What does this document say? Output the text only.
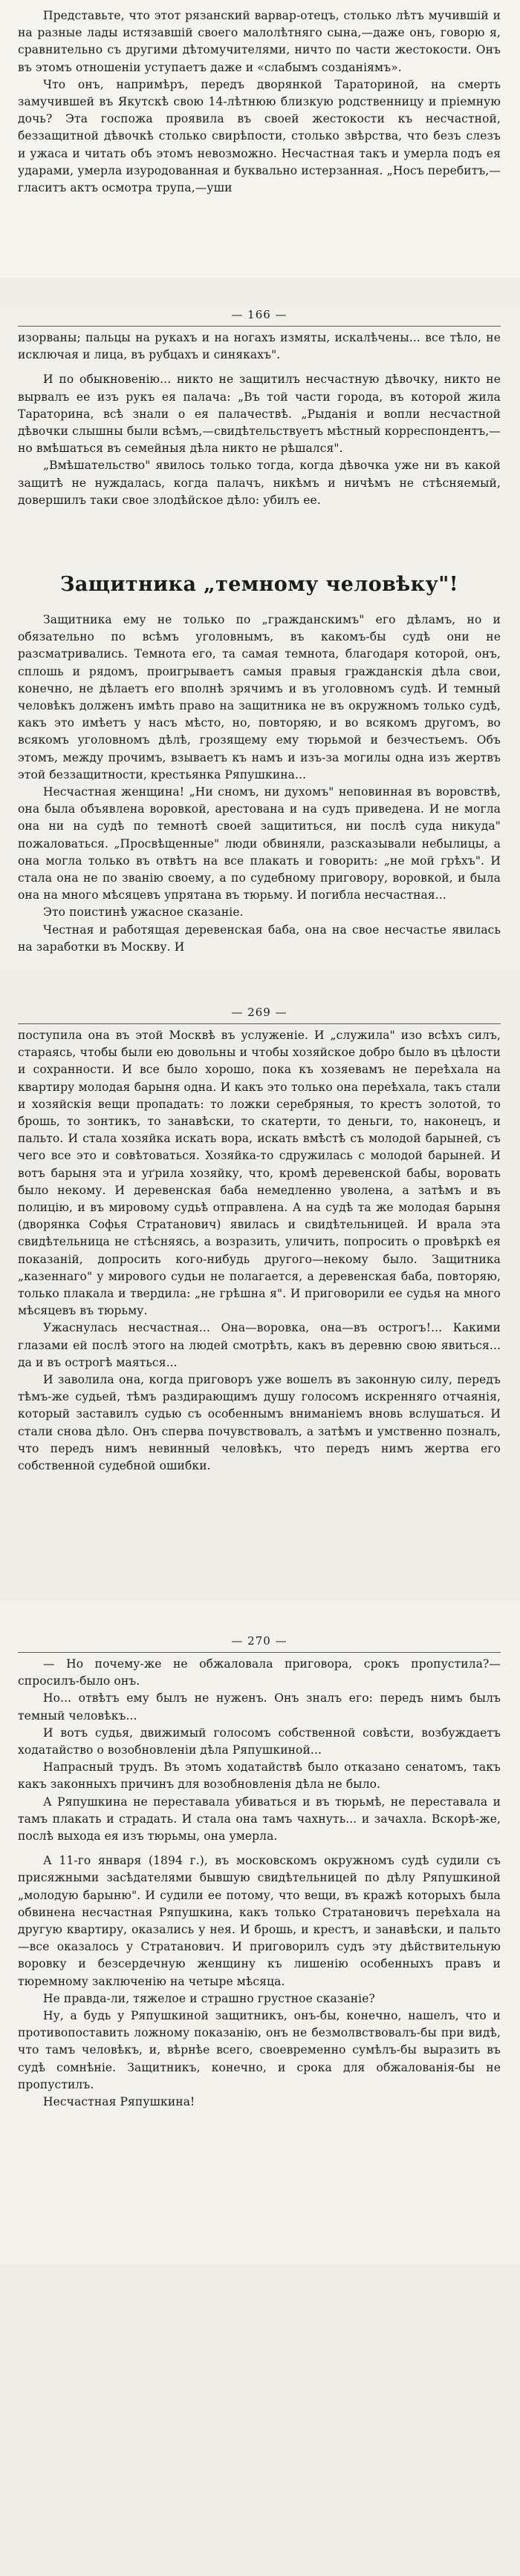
Представьте, что этот рязанский варвар-отецъ, столько лѣтъ мучившій и на разные лады истязавшій своего малолѣтняго сына,—даже онъ, говорю я, сравнительно съ другими дѣтомучителями, ничто по части жестокости. Онъ въ этомъ отношеніи уступаетъ даже и «слабымъ созданіямъ».

Что онъ, напримѣръ, передъ дворянкой Тараториной, на смерть замучившей въ Якутскѣ свою 14-лѣтнюю близкую родственницу и пріемную дочь? Эта госпожа проявила въ своей жестокости къ несчастной, беззащитной дѣвочкѣ столько свирѣпости, столько звѣрства, что безъ слезъ и ужаса и читать объ этомъ невозможно. Несчастная такъ и умерла подъ ея ударами, умерла изуродованная и буквально истерзанная. „Носъ перебитъ,—гласитъ актъ осмотра трупа,—уши

— 166 —

изорваны; пальцы на рукахъ и на ногахъ измяты, искалѣчены... все тѣло, не исключая и лица, въ рубцахъ и синякахъ".

И по обыкновенію... никто не защитилъ несчастную дѣвочку, никто не вырвалъ ее изъ рукъ ея палача: „Въ той части города, въ которой жила Тараторина, всѣ знали о ея палачествѣ. „Рыданія и вопли несчастной дѣвочки слышны были всѣмъ,—свидѣтельствуетъ мѣстный корреспондентъ,—но вмѣшаться въ семейныя дѣла никто не рѣшался".

„Вмѣшательство" явилось только тогда, когда дѣвочка уже ни въ какой защитѣ не нуждалась, когда палачъ, никѣмъ и ничѣмъ не стѣсняемый, довершилъ таки свое злодѣйское дѣло: убилъ ее.

Защитника „темному человѣку"!

Защитника ему не только по „гражданскимъ" его дѣламъ, но и обязательно по всѣмъ уголовнымъ, въ какомъ-бы судѣ они не разсматривались. Темнота его, та самая темнота, благодаря которой, онъ, сплошь и рядомъ, проигрываетъ самыя правыя гражданскія дѣла свои, конечно, не дѣлаетъ его вполнѣ зрячимъ и въ уголовномъ судѣ. И темный человѣкъ долженъ имѣть право на защитника не въ окружномъ только судѣ, какъ это имѣетъ у насъ мѣсто, но, повторяю, и во всякомъ другомъ, во всякомъ уголовномъ дѣлѣ, грозящему ему тюрьмой и безчестьемъ. Объ этомъ, между прочимъ, взываетъ къ намъ и изъ-за могилы одна изъ жертвъ этой беззащитности, крестьянка Ряпушкина...

Несчастная женщина! „Ни сномъ, ни духомъ" неповинная въ воровствѣ, она была объявлена воровкой, арестована и на судъ приведена. И не могла она ни на судѣ по темнотѣ своей защититься, ни послѣ суда никуда" пожаловаться. „Просвѣщенные" люди обвиняли, разсказывали небылицы, а она могла только въ отвѣтъ на все плакать и говорить: „не мой грѣхъ". И стала она не по званію своему, а по судебному приговору, воровкой, и была она на много мѣсяцевъ упрятана въ тюрьму. И погибла несчастная...

Это поистинѣ ужасное сказаніе.

Честная и работящая деревенская баба, она на свое несчастье явилась на заработки въ Москву. И

— 269 —

поступила она въ этой Москвѣ въ услуженіе. И „служила" изо всѣхъ силъ, стараясь, чтобы были ею довольны и чтобы хозяйское добро было въ цѣлости и сохранности. И все было хорошо, пока къ хозяевамъ не переѣхала на квартиру молодая барыня одна. И какъ это только она переѣхала, такъ стали и хозяйскія вещи пропадать: то ложки серебряныя, то крестъ золотой, то брошь, то зонтикъ, то занавѣски, то скатерти, то деньги, то, наконецъ, и пальто. И стала хозяйка искать вора, искать вмѣстѣ съ молодой барыней, съ чего все это и совѣтоваться. Хозяйка-то сдружилась с молодой барыней. И вотъ барыня эта и уґрила хозяйку, что, кромѣ деревенской бабы, воровать было некому. И деревенская баба немедленно уволена, а затѣмъ и въ полицію, и въ мировому судьѣ отправлена. А на судѣ та же молодая барыня (дворянка Софья Стратанович) явилась и свидѣтельницей. И врала эта свидѣтельница не стѣсняясь, а возразить, уличить, попросить о провѣркѣ ея показаній, допросить кого-нибудь другого—некому было. Защитника „казеннаго" у мирового судьи не полагается, а деревенская баба, повторяю, только плакала и твердила: „не грѣшна я". И приговорили ее судья на много мѣсяцевъ въ тюрьму.

Ужаснулась несчастная... Она—воровка, она—въ острогъ!... Какими глазами ей послѣ этого на людей смотрѣть, какъ въ деревню свою явиться... да и въ острогѣ маяться...

И заволила она, когда приговоръ уже вошелъ въ законную силу, передъ тѣмъ-же судьей, тѣмъ раздирающимъ душу голосомъ искренняго отчаянія, который заставилъ судью съ особеннымъ вниманіемъ вновь вслушаться. И стали снова дѣло. Онъ сперва почувствовалъ, а затѣмъ и умственно позналъ, что передъ нимъ невинный человѣкъ, что передъ нимъ жертва его собственной судебной ошибки.

— 270 —

— Но почему-же не обжаловала приговора, срокъ пропустила?—спросилъ-было онъ.

Но... отвѣтъ ему былъ не нуженъ. Онъ зналъ его: передъ нимъ былъ темный человѣкъ...

И вотъ судья, движимый голосомъ собственной совѣсти, возбуждаетъ ходатайство о возобновленіи дѣла Ряпушкиной...

Напрасный трудъ. Въ этомъ ходатайствѣ было отказано сенатомъ, такъ какъ законныхъ причинъ для возобновленія дѣла не было.

А Ряпушкина не переставала убиваться и въ тюрьмѣ, не переставала и тамъ плакать и страдать. И стала она тамъ чахнуть... и зачахла. Вскорѣ-же, послѣ выхода ея изъ тюрьмы, она умерла.

А 11-го января (1894 г.), въ московскомъ окружномъ судѣ судили съ присяжными засѣдателями бывшую свидѣтельницей по дѣлу Ряпушкиной „молодую барыню". И судили ее потому, что вещи, въ кражѣ которыхъ была обвинена несчастная Ряпушкина, какъ только Стратановичъ переѣхала на другую квартиру, оказались у нея. И брошь, и крестъ, и занавѣски, и пальто—все оказалось у Стратанович. И приговорилъ судъ эту дѣйствительную воровку и безсердечную женщину къ лишенію особенныхъ правъ и тюремному заключенію на четыре мѣсяца.

Не правда-ли, тяжелое и страшно грустное сказаніе?

Ну, а будь у Ряпушкиной защитникъ, онъ-бы, конечно, нашелъ, что и противопоставить ложному показанію, онъ не безмолвствовалъ-бы при видѣ, что тамъ человѣкъ, и, вѣрнѣе всего, своевременно сумѣлъ-бы выразить въ судѣ сомнѣніе. Защитникъ, конечно, и срока для обжалованія-бы не пропустилъ.

Несчастная Ряпушкина!
